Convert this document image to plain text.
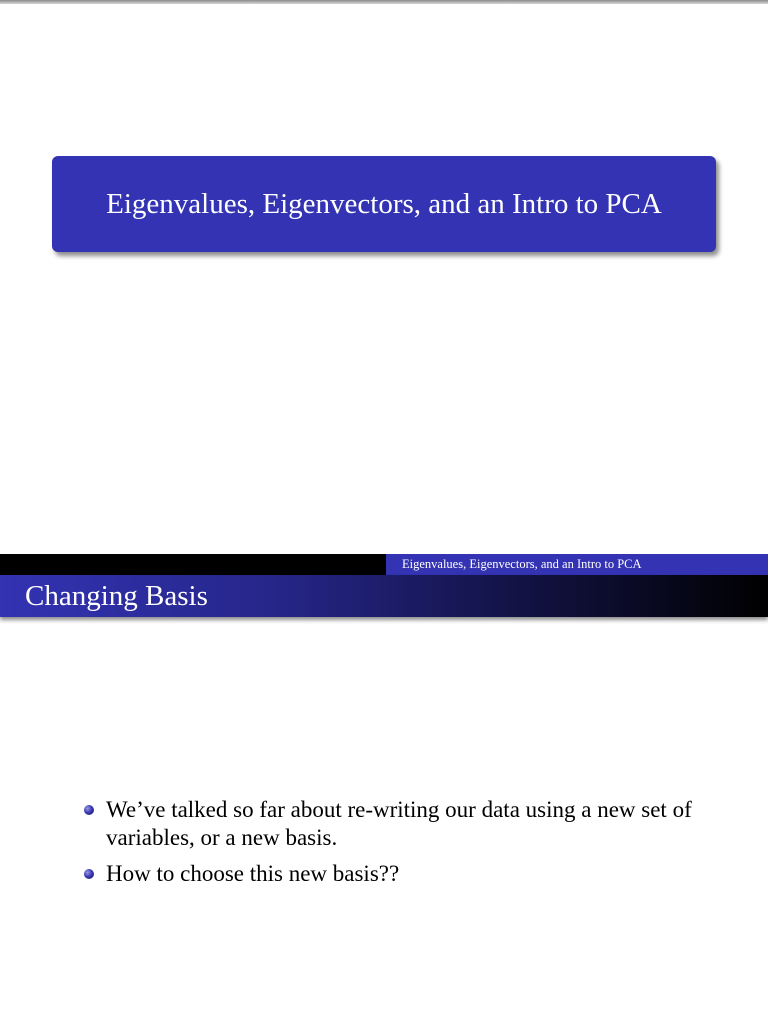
Eigenvalues, Eigenvectors, and an Intro to PCA
Eigenvalues, Eigenvectors, and an Intro to PCA
Changing Basis
We’ve talked so far about re-writing our data using a new set of variables, or a new basis.
How to choose this new basis??
